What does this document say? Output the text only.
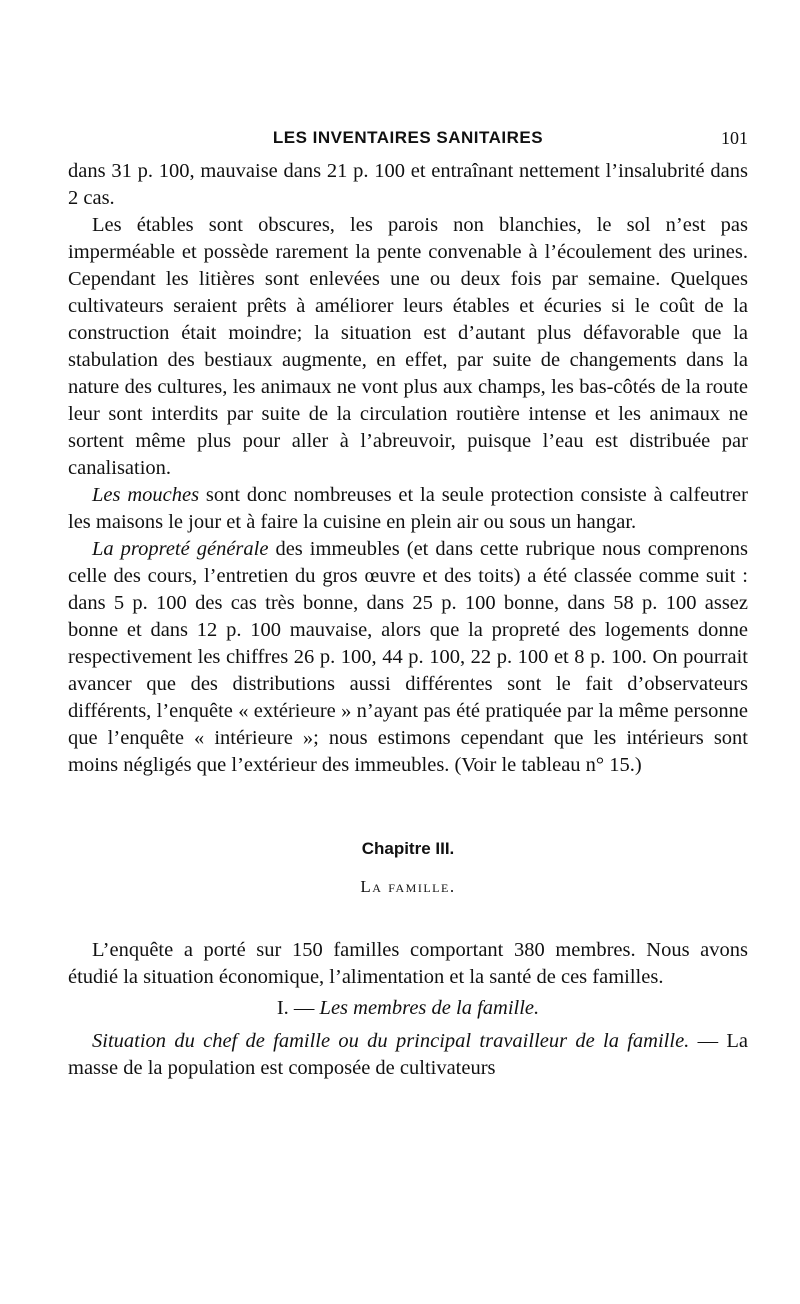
LES INVENTAIRES SANITAIRES	101

dans 31 p. 100, mauvaise dans 21 p. 100 et entraînant nettement l’insalubrité dans 2 cas.

Les étables sont obscures, les parois non blanchies, le sol n’est pas imperméable et possède rarement la pente convenable à l’écoulement des urines. Cependant les litières sont enlevées une ou deux fois par semaine. Quelques cultivateurs seraient prêts à améliorer leurs étables et écuries si le coût de la construction était moindre; la situation est d’autant plus défavorable que la stabulation des bestiaux augmente, en effet, par suite de changements dans la nature des cultures, les animaux ne vont plus aux champs, les bas-côtés de la route leur sont interdits par suite de la circulation routière intense et les animaux ne sortent même plus pour aller à l’abreuvoir, puisque l’eau est distribuée par canalisation.

Les mouches sont donc nombreuses et la seule protection consiste à calfeutrer les maisons le jour et à faire la cuisine en plein air ou sous un hangar.

La propreté générale des immeubles (et dans cette rubrique nous comprenons celle des cours, l’entretien du gros œuvre et des toits) a été classée comme suit : dans 5 p. 100 des cas très bonne, dans 25 p. 100 bonne, dans 58 p. 100 assez bonne et dans 12 p. 100 mauvaise, alors que la propreté des logements donne respectivement les chiffres 26 p. 100, 44 p. 100, 22 p. 100 et 8 p. 100. On pourrait avancer que des distributions aussi différentes sont le fait d’observateurs différents, l’enquête « extérieure » n’ayant pas été pratiquée par la même personne que l’enquête « intérieure »; nous estimons cependant que les intérieurs sont moins négligés que l’extérieur des immeubles. (Voir le tableau n° 15.)

Chapitre III.
La famille.

L’enquête a porté sur 150 familles comportant 380 membres. Nous avons étudié la situation économique, l’alimentation et la santé de ces familles.

I. — Les membres de la famille.

Situation du chef de famille ou du principal travailleur de la famille. — La masse de la population est composée de cultivateurs
